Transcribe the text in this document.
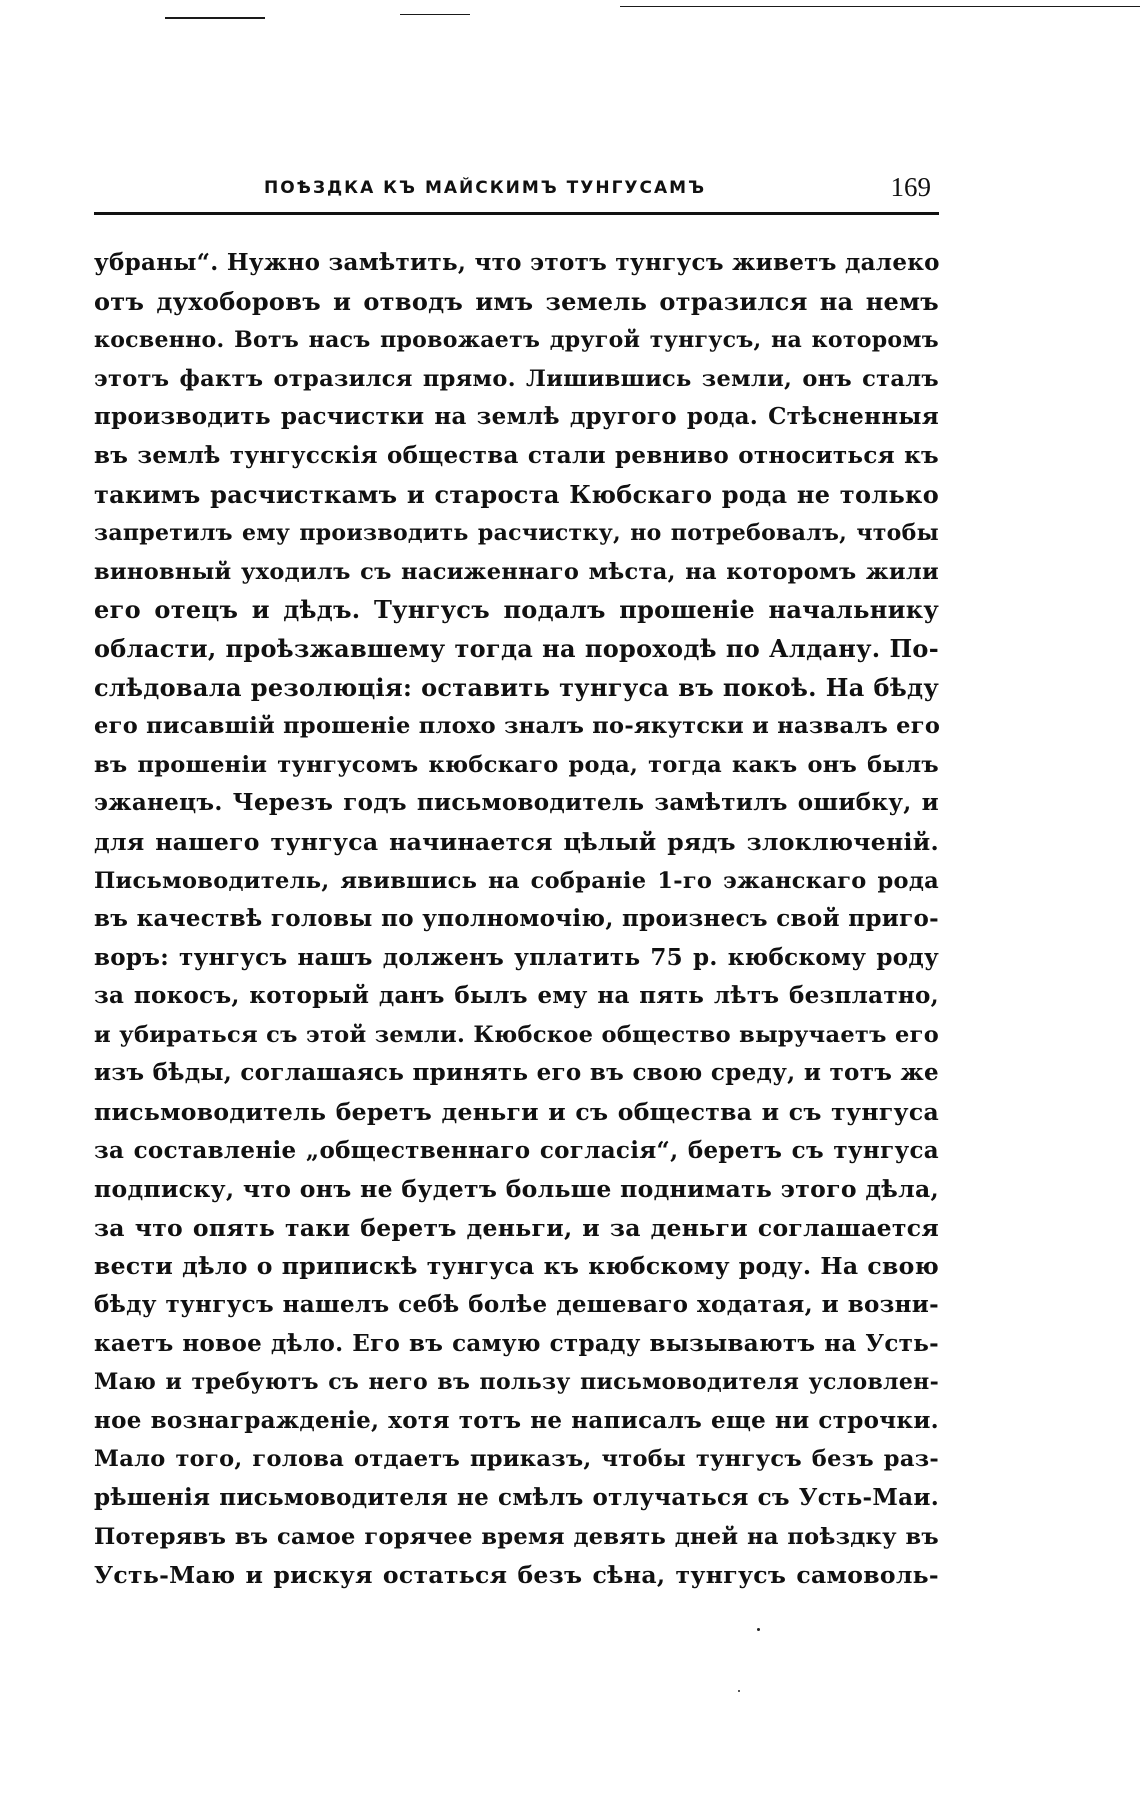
ПОѢЗДКА КЪ МАЙСКИМЪ ТУНГУСАМЪ	169
убраны“. Нужно замѣтить, что этотъ тунгусъ живетъ далеко
отъ духоборовъ и отводъ имъ земель отразился на немъ
косвенно. Вотъ насъ провожаетъ другой тунгусъ, на которомъ
этотъ фактъ отразился прямо. Лишившись земли, онъ сталъ
производить расчистки на землѣ другого рода. Стѣсненныя
въ землѣ тунгусскія общества стали ревниво относиться къ
такимъ расчисткамъ и староста Кюбскаго рода не только
запретилъ ему производить расчистку, но потребовалъ, чтобы
виновный уходилъ съ насиженнаго мѣста, на которомъ жили
его отецъ и дѣдъ. Тунгусъ подалъ прошеніе начальнику
области, проѣзжавшему тогда на пороходѣ по Алдану. По-
слѣдовала резолюція: оставить тунгуса въ покоѣ. На бѣду
его писавшій прошеніе плохо зналъ по-якутски и назвалъ его
въ прошеніи тунгусомъ кюбскаго рода, тогда какъ онъ былъ
эжанецъ. Черезъ годъ письмоводитель замѣтилъ ошибку, и
для нашего тунгуса начинается цѣлый рядъ злоключеній.
Письмоводитель, явившись на собраніе 1-го эжанскаго рода
въ качествѣ головы по уполномочію, произнесъ свой приго-
воръ: тунгусъ нашъ долженъ уплатить 75 р. кюбскому роду
за покосъ, который данъ былъ ему на пять лѣтъ безплатно,
и убираться съ этой земли. Кюбское общество выручаетъ его
изъ бѣды, соглашаясь принять его въ свою среду, и тотъ же
письмоводитель беретъ деньги и съ общества и съ тунгуса
за составленіе „общественнаго согласія“, беретъ съ тунгуса
подписку, что онъ не будетъ больше поднимать этого дѣла,
за что опять таки беретъ деньги, и за деньги соглашается
вести дѣло о припискѣ тунгуса къ кюбскому роду. На свою
бѣду тунгусъ нашелъ себѣ болѣе дешеваго ходатая, и возни-
каетъ новое дѣло. Его въ самую страду вызываютъ на Усть-
Маю и требуютъ съ него въ пользу письмоводителя условлен-
ное вознагражденіе, хотя тотъ не написалъ еще ни строчки.
Мало того, голова отдаетъ приказъ, чтобы тунгусъ безъ раз-
рѣшенія письмоводителя не смѣлъ отлучаться съ Усть-Маи.
Потерявъ въ самое горячее время девять дней на поѣздку въ
Усть-Маю и рискуя остаться безъ сѣна, тунгусъ самоволь-
